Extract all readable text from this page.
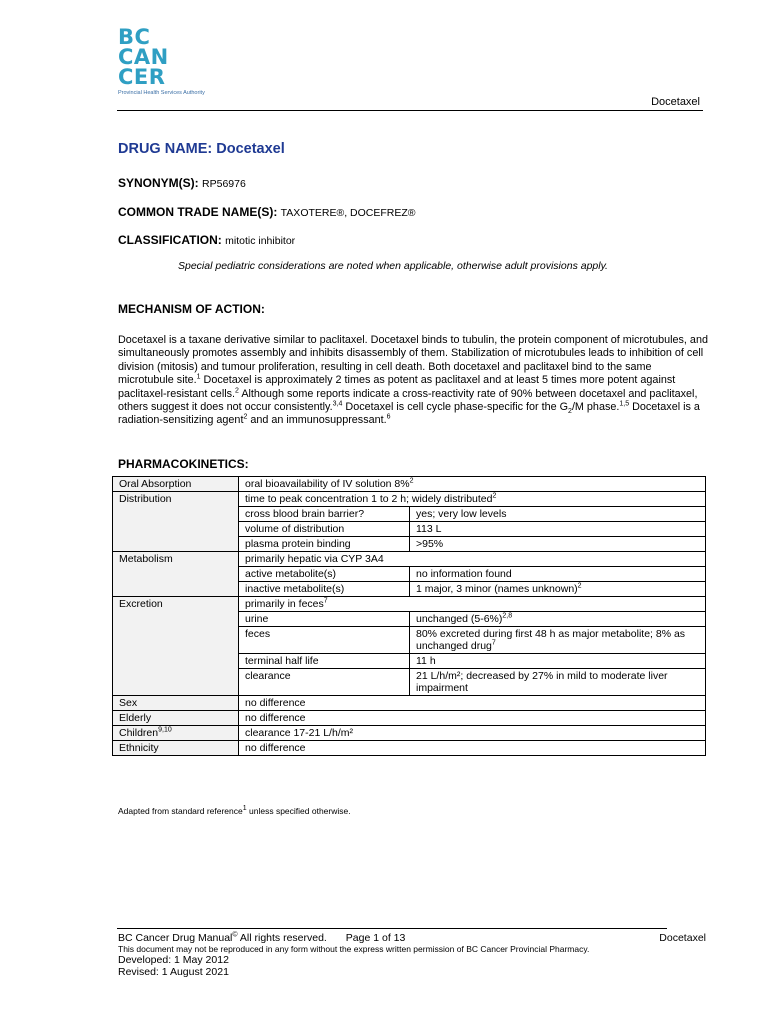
BC
CAN
CER
Provincial Health Services Authority
Docetaxel
DRUG NAME: Docetaxel
SYNONYM(S): RP56976
COMMON TRADE NAME(S): TAXOTERE®, DOCEFREZ®
CLASSIFICATION: mitotic inhibitor
Special pediatric considerations are noted when applicable, otherwise adult provisions apply.
MECHANISM OF ACTION:
Docetaxel is a taxane derivative similar to paclitaxel. Docetaxel binds to tubulin, the protein component of microtubules, and simultaneously promotes assembly and inhibits disassembly of them. Stabilization of microtubules leads to inhibition of cell division (mitosis) and tumour proliferation, resulting in cell death. Both docetaxel and paclitaxel bind to the same microtubule site.$^1$ Docetaxel is approximately 2 times as potent as paclitaxel and at least 5 times more potent against paclitaxel-resistant cells.$^2$ Although some reports indicate a cross-reactivity rate of 90% between docetaxel and paclitaxel, others suggest it does not occur consistently.$^{3,4}$ Docetaxel is cell cycle phase-specific for the $G_2/M$ phase.$^{1,5}$ Docetaxel is a radiation-sensitizing agent$^2$ and an immunosuppressant.$^6$
PHARMACOKINETICS:
Oral Absorption	oral bioavailability of IV solution 8%$^2$
Distribution	time to peak concentration 1 to 2 h; widely distributed$^2$
	cross blood brain barrier?	yes; very low levels
	volume of distribution	113 L
	plasma protein binding	>95%
Metabolism	primarily hepatic via CYP 3A4	
	active metabolite(s)	no information found
	inactive metabolite(s)	1 major, 3 minor (names unknown)$^2$
Excretion	primarily in feces$^7$
	urine	unchanged $(5-6\%)^{2,8}$
	feces	80% excreted during first 48 h as major metabolite; 8% as unchanged drug$^7$
	terminal half life	11 h
	clearance	21 L/h/m²; decreased by 27% in mild to moderate liver impairment
Sex	no difference	
Elderly	no difference	
Children$^{9,10}$	clearance 17-21 L/h/m²	
Ethnicity	no difference	
Adapted from standard reference$^1$ unless specified otherwise.
BC Cancer Drug Manual© All rights reserved. Page 1 of 13	Docetaxel
This document may not be reproduced in any form without the express written permission of BC Cancer Provincial Pharmacy.
Developed: 1 May 2012
Revised: 1 August 2021
